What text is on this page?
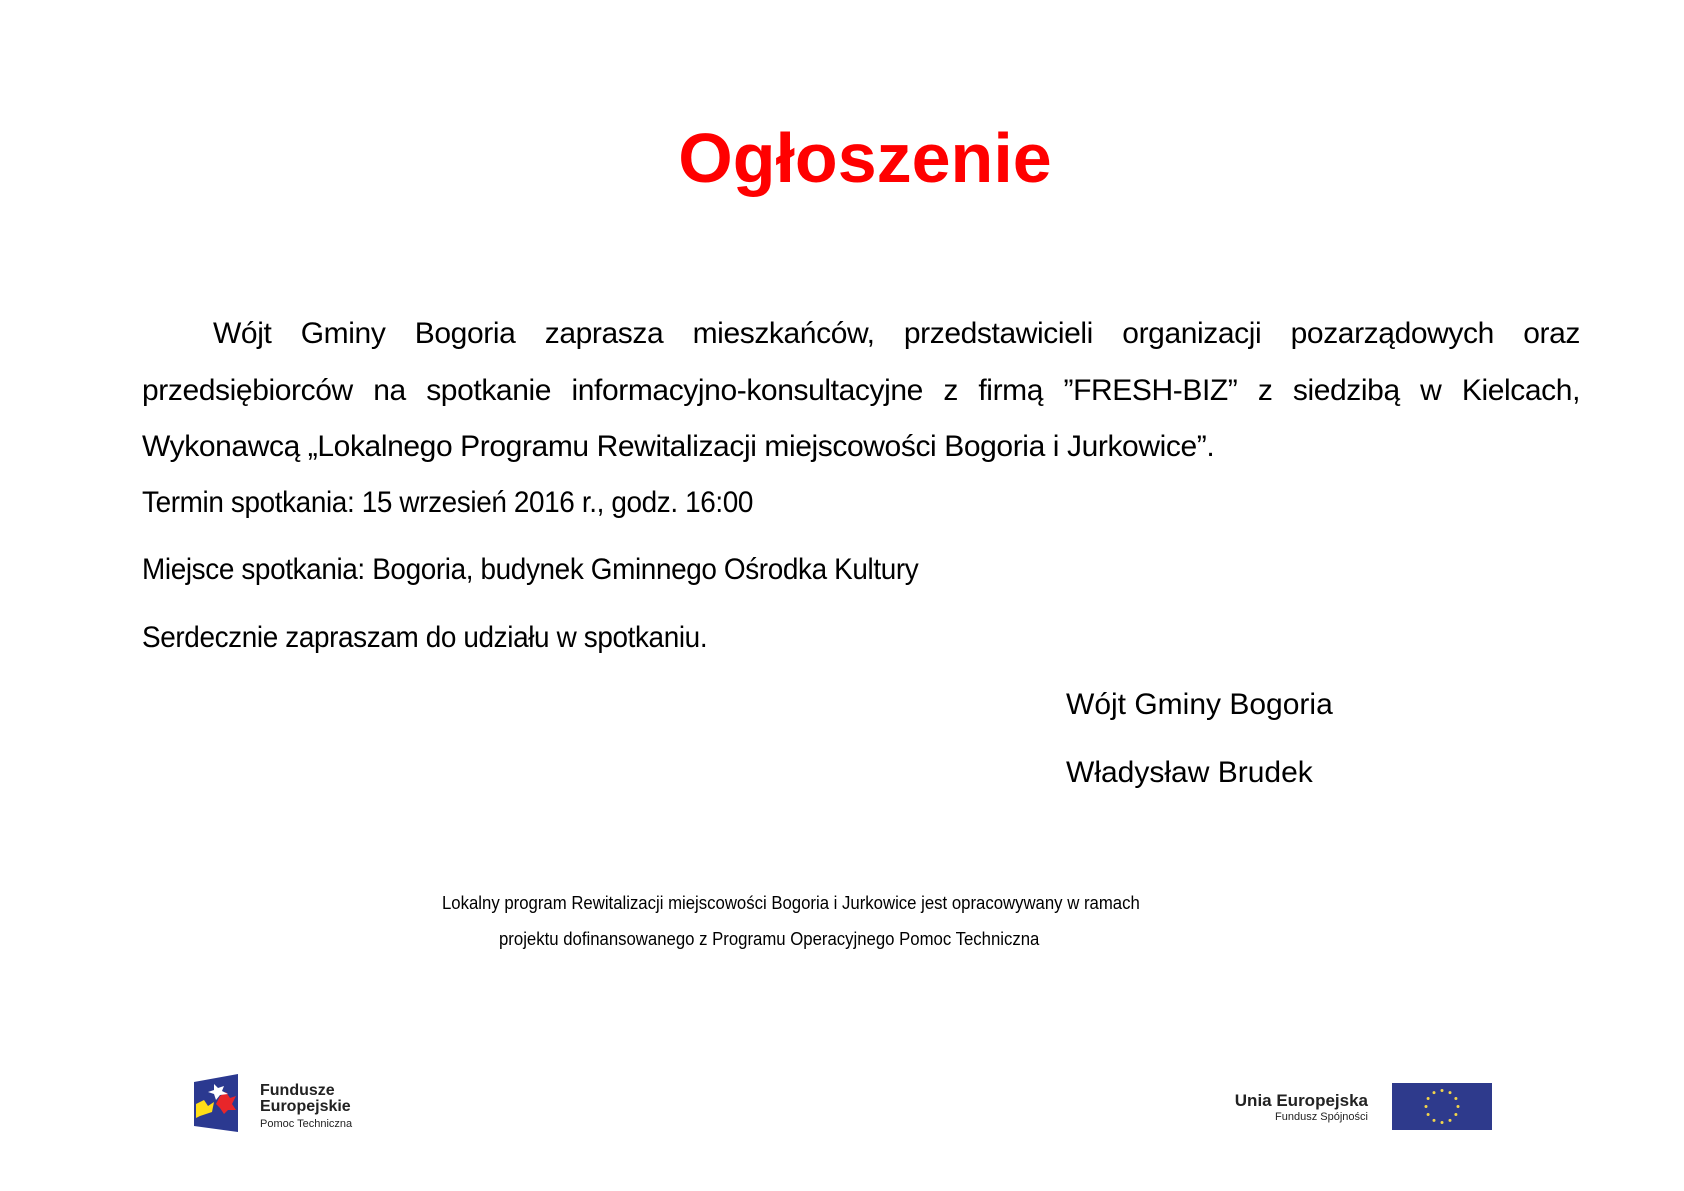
Ogłoszenie
Wójt Gminy Bogoria zaprasza mieszkańców, przedstawicieli organizacji pozarządowych oraz przedsiębiorców na spotkanie informacyjno-konsultacyjne z firmą ”FRESH-BIZ” z siedzibą w Kielcach, Wykonawcą „Lokalnego Programu Rewitalizacji miejscowości Bogoria i Jurkowice”.
Termin spotkania: 15 wrzesień 2016 r., godz. 16:00
Miejsce spotkania: Bogoria, budynek Gminnego Ośrodka Kultury
Serdecznie zapraszam do udziału w spotkaniu.
Wójt Gminy Bogoria
Władysław Brudek
Lokalny program Rewitalizacji miejscowości Bogoria i Jurkowice jest opracowywany w ramach
projektu dofinansowanego z Programu Operacyjnego Pomoc Techniczna
Fundusze
Europejskie
Pomoc Techniczna
Unia Europejska
Fundusz Spójności
